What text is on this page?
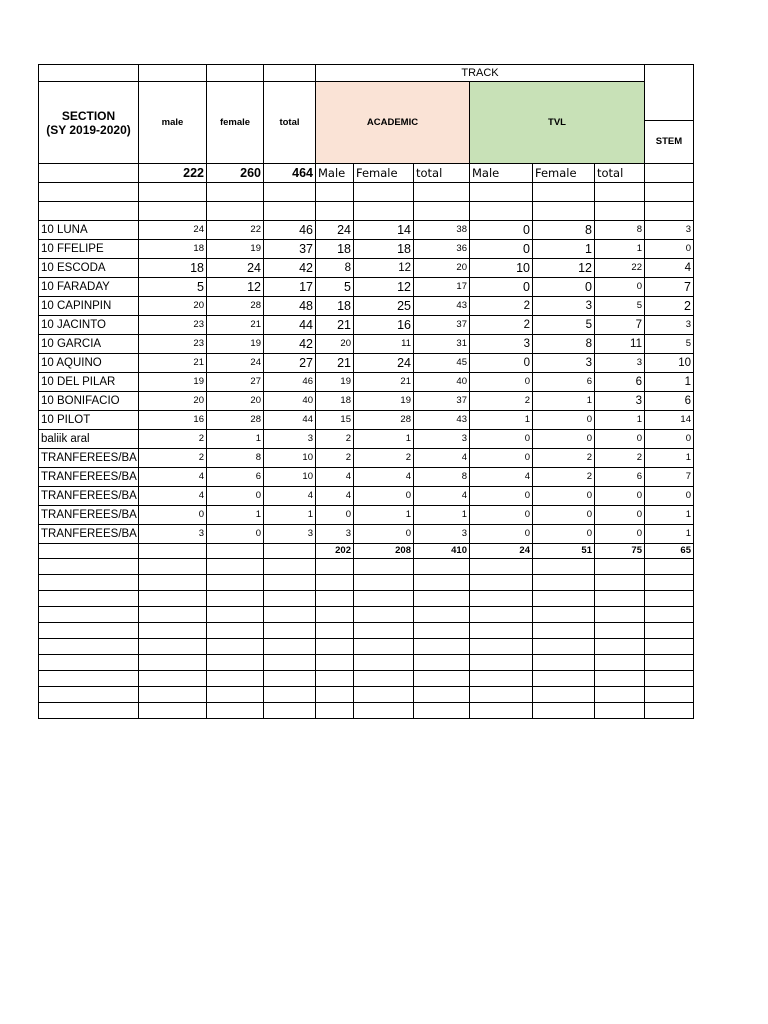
				TRACK						
SECTION
(SY 2019-2020)	male	female	total	ACADEMIC			TVL			
										STEM
	222	260	464	Male	Female	total	Male	Female	total	

10 LUNA	24	22	46	24	14	38	0	8	8	3
10 FFELIPE	18	19	37	18	18	36	0	1	1	0
10 ESCODA	18	24	42	8	12	20	10	12	22	4
10 FARADAY	5	12	17	5	12	17	0	0	0	7
10 CAPINPIN	20	28	48	18	25	43	2	3	5	2
10 JACINTO	23	21	44	21	16	37	2	5	7	3
10 GARCIA	23	19	42	20	11	31	3	8	11	5
10 AQUINO	21	24	27	21	24	45	0	3	3	10
10 DEL PILAR	19	27	46	19	21	40	0	6	6	1
10 BONIFACIO	20	20	40	18	19	37	2	1	3	6
10 PILOT	16	28	44	15	28	43	1	0	1	14
baliik aral	2	1	3	2	1	3	0	0	0	0
TRANFEREES/BA	2	8	10	2	2	4	0	2	2	1
TRANFEREES/BA	4	6	10	4	4	8	4	2	6	7
TRANFEREES/BA	4	0	4	4	0	4	0	0	0	0
TRANFEREES/BA	0	1	1	0	1	1	0	0	0	1
TRANFEREES/BA	3	0	3	3	0	3	0	0	0	1
				202	208	410	24	51	75	65
